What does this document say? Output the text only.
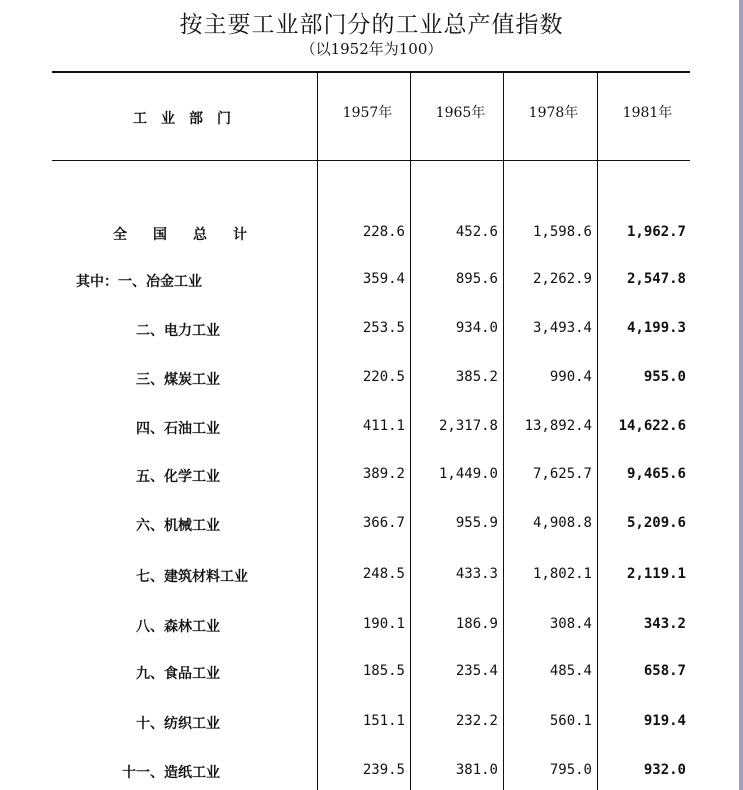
按主要工业部门分的工业总产值指数
（以1952年为100）
工业部门	1957年	1965年	1978年	1981年
全国总计	228.6	452.6	1,598.6	1,962.7
其中：一、冶金工业	359.4	895.6	2,262.9	2,547.8
二、电力工业	253.5	934.0	3,493.4	4,199.3
三、煤炭工业	220.5	385.2	990.4	955.0
四、石油工业	411.1	2,317.8	13,892.4	14,622.6
五、化学工业	389.2	1,449.0	7,625.7	9,465.6
六、机械工业	366.7	955.9	4,908.8	5,209.6
七、建筑材料工业	248.5	433.3	1,802.1	2,119.1
八、森林工业	190.1	186.9	308.4	343.2
九、食品工业	185.5	235.4	485.4	658.7
十、纺织工业	151.1	232.2	560.1	919.4
十一、造纸工业	239.5	381.0	795.0	932.0
